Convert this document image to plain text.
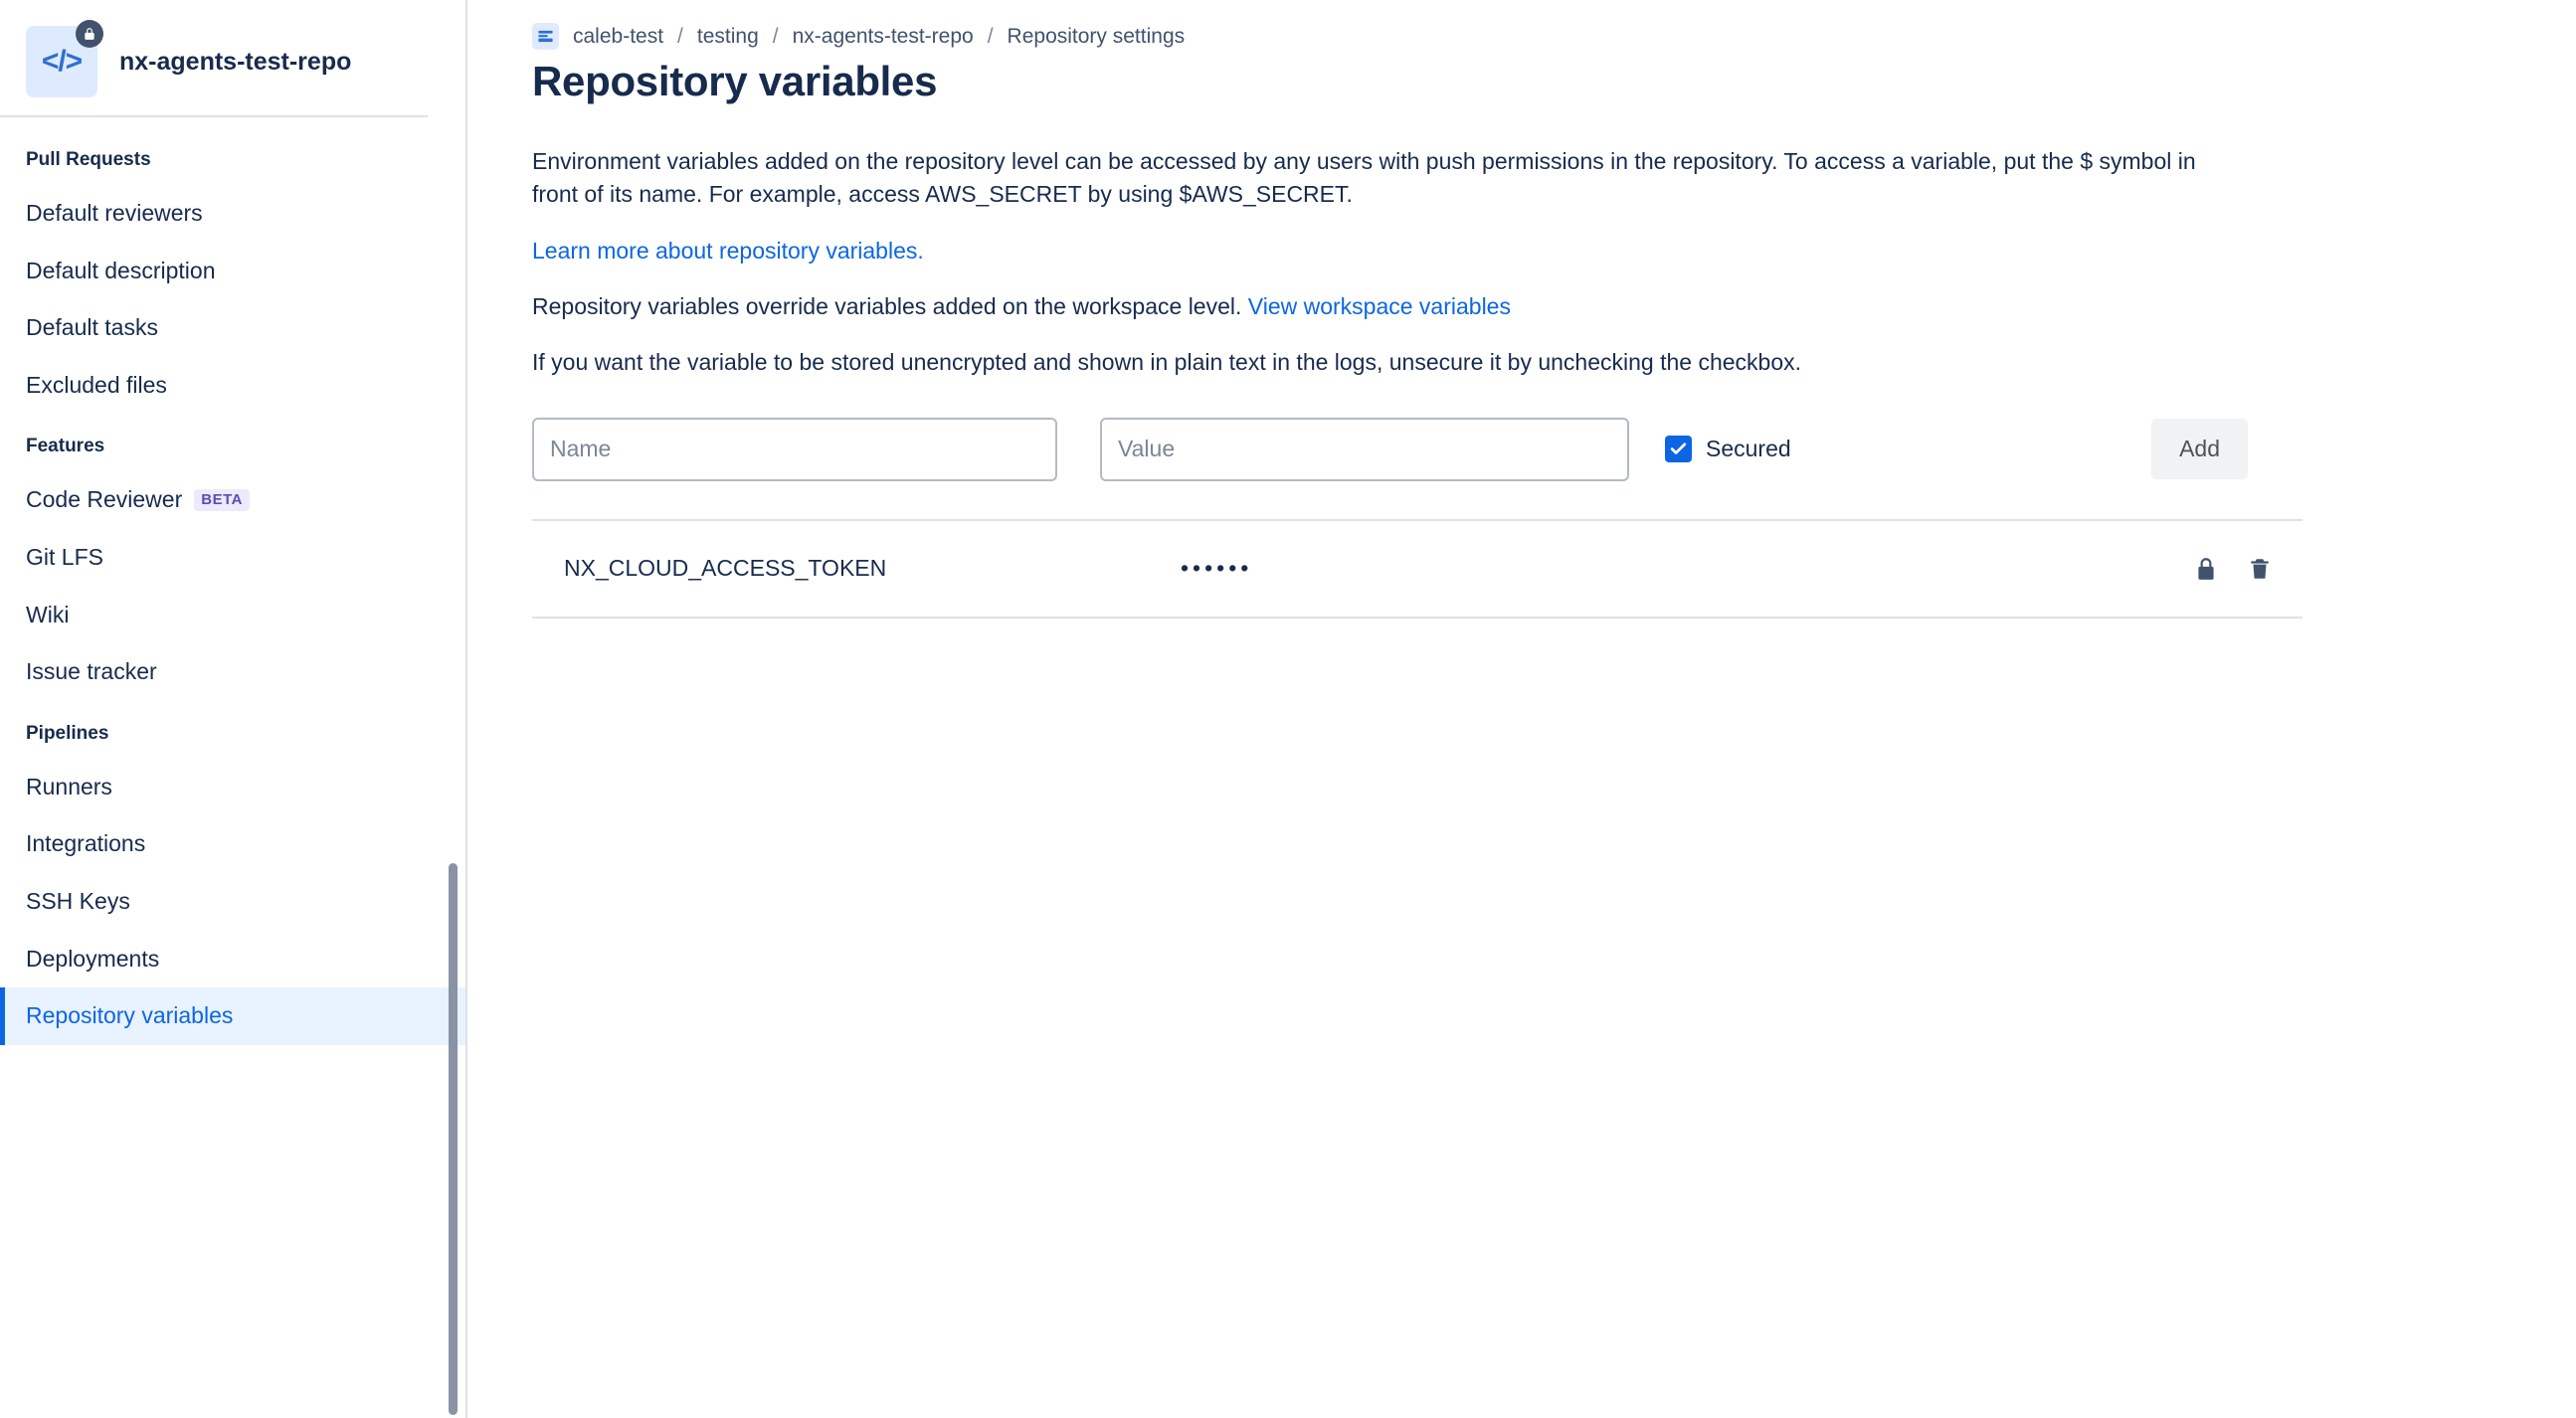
</> nx-agents-test-repo
Pull Requests
Default reviewers
Default description
Default tasks
Excluded files
Features
Code Reviewer BETA
Git LFS
Wiki
Issue tracker
Pipelines
Runners
Integrations
SSH Keys
Deployments
Repository variables
caleb-test / testing / nx-agents-test-repo / Repository settings
Repository variables

Environment variables added on the repository level can be accessed by any users with push permissions in the repository. To access a variable, put the $ symbol in front of its name. For example, access AWS_SECRET by using $AWS_SECRET.

Learn more about repository variables.

Repository variables override variables added on the workspace level. View workspace variables

If you want the variable to be stored unencrypted and shown in plain text in the logs, unsecure it by unchecking the checkbox.

Name
Value
Secured	Add
NX_CLOUD_ACCESS_TOKEN	••••••
